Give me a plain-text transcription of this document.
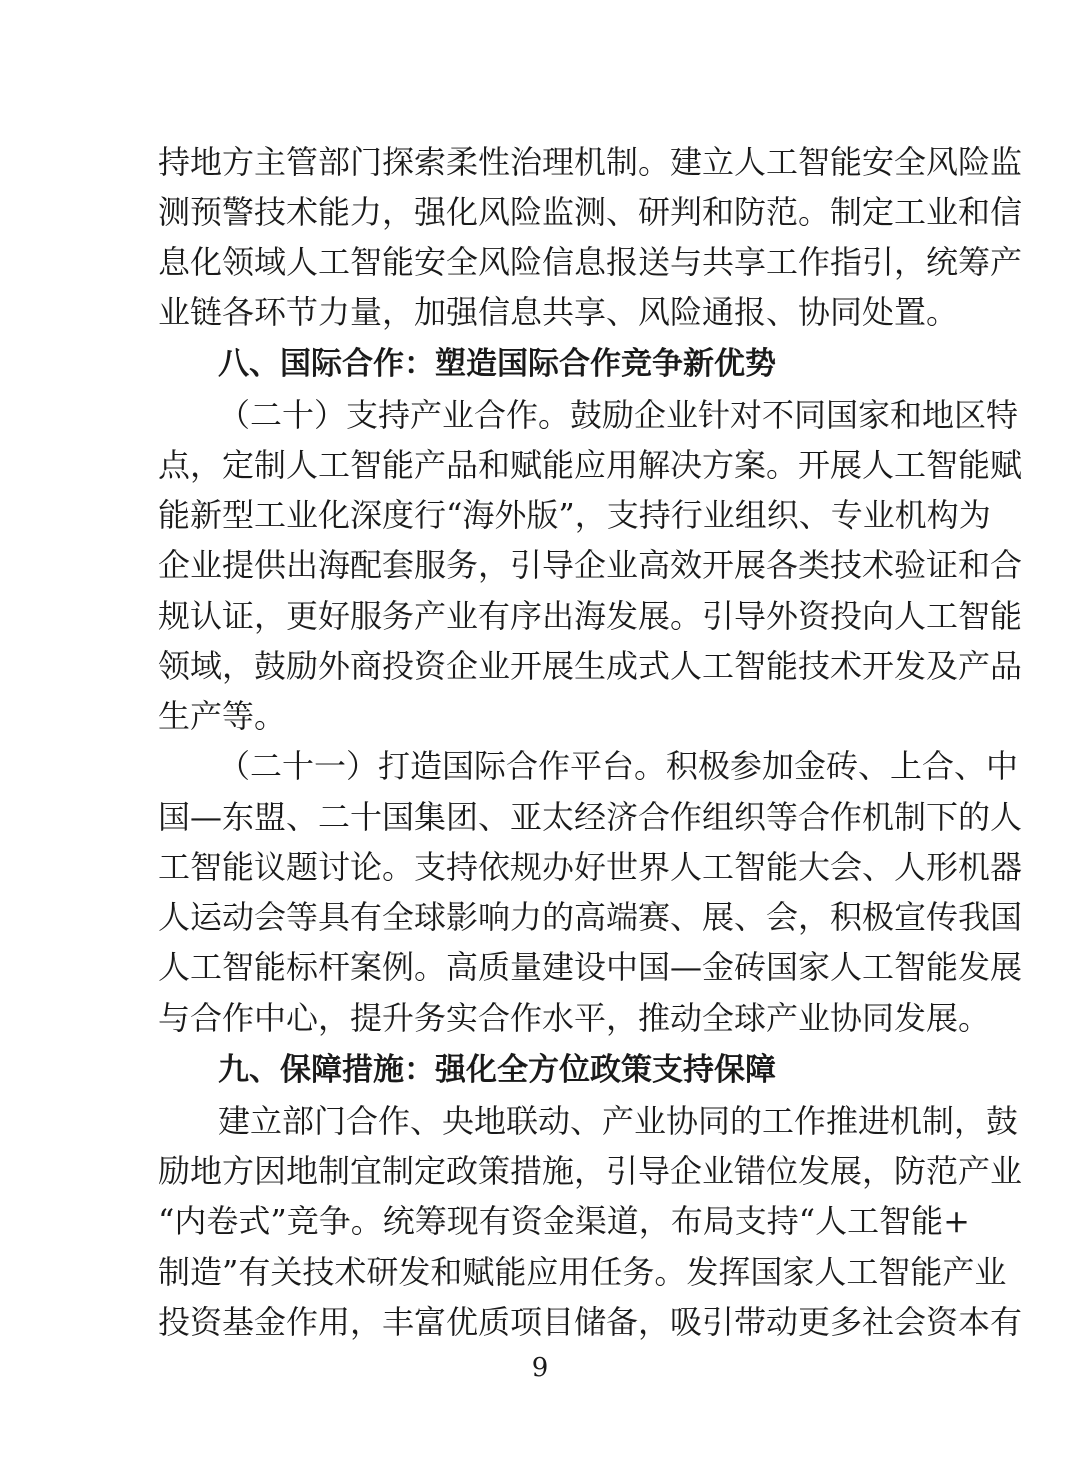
持地方主管部门探索柔性治理机制。建立人工智能安全风险监
测预警技术能力，强化风险监测、研判和防范。制定工业和信
息化领域人工智能安全风险信息报送与共享工作指引，统筹产
业链各环节力量，加强信息共享、风险通报、协同处置。
八、国际合作：塑造国际合作竞争新优势
（二十）支持产业合作。鼓励企业针对不同国家和地区特
点，定制人工智能产品和赋能应用解决方案。开展人工智能赋
能新型工业化深度行“海外版”，支持行业组织、专业机构为
企业提供出海配套服务，引导企业高效开展各类技术验证和合
规认证，更好服务产业有序出海发展。引导外资投向人工智能
领域，鼓励外商投资企业开展生成式人工智能技术开发及产品
生产等。
（二十一）打造国际合作平台。积极参加金砖、上合、中
国—东盟、二十国集团、亚太经济合作组织等合作机制下的人
工智能议题讨论。支持依规办好世界人工智能大会、人形机器
人运动会等具有全球影响力的高端赛、展、会，积极宣传我国
人工智能标杆案例。高质量建设中国—金砖国家人工智能发展
与合作中心，提升务实合作水平，推动全球产业协同发展。
九、保障措施：强化全方位政策支持保障
建立部门合作、央地联动、产业协同的工作推进机制，鼓
励地方因地制宜制定政策措施，引导企业错位发展，防范产业
“内卷式”竞争。统筹现有资金渠道，布局支持“人工智能+
制造”有关技术研发和赋能应用任务。发挥国家人工智能产业
投资基金作用，丰富优质项目储备，吸引带动更多社会资本有
9
